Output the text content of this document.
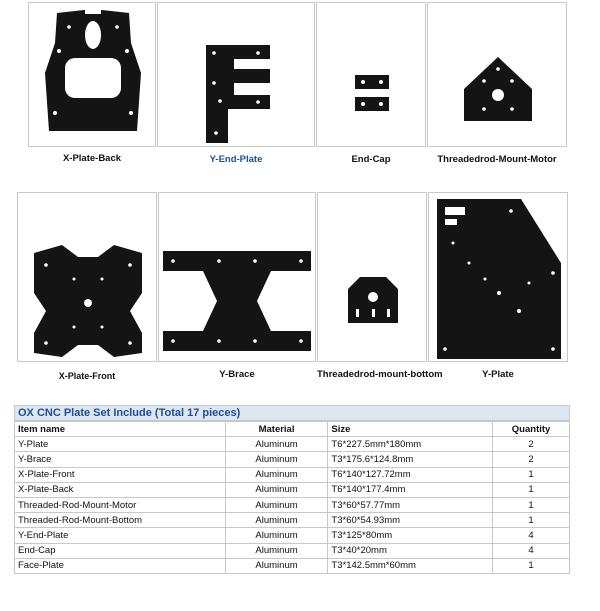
X-Plate-Back	Y-End-Plate	End-Cap	Threadedrod-Mount-Motor
X-Plate-Front	Y-Brace	Threadedrod-mount-bottom	Y-Plate
OX CNC Plate Set Include (Total 17 pieces)
Item name	Material	Size	Quantity
Y-Plate	Aluminum	T6*227.5mm*180mm	2
Y-Brace	Aluminum	T3*175.6*124.8mm	2
X-Plate-Front	Aluminum	T6*140*127.72mm	1
X-Plate-Back	Aluminum	T6*140*177.4mm	1
Threaded-Rod-Mount-Motor	Aluminum	T3*60*57.77mm	1
Threaded-Rod-Mount-Bottom	Aluminum	T3*60*54.93mm	1
Y-End-Plate	Aluminum	T3*125*80mm	4
End-Cap	Aluminum	T3*40*20mm	4
Face-Plate	Aluminum	T3*142.5mm*60mm	1
